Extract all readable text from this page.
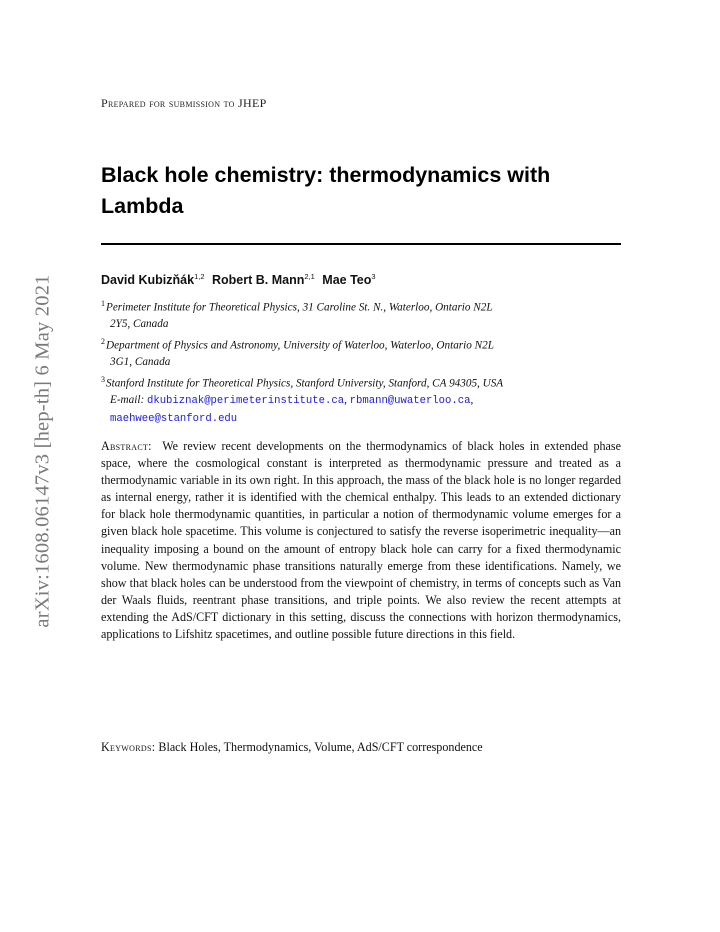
arXiv:1608.06147v3 [hep-th] 6 May 2021
Prepared for submission to JHEP
Black hole chemistry: thermodynamics with Lambda
David Kubizňák$^{1,2}$ Robert B. Mann$^{2,1}$ Mae Teo$^3$

$^1$Perimeter Institute for Theoretical Physics, 31 Caroline St. N., Waterloo, Ontario N2L
2Y5, Canada

$^2$Department of Physics and Astronomy, University of Waterloo, Waterloo, Ontario N2L
3G1, Canada

$^3$Stanford Institute for Theoretical Physics, Stanford University, Stanford, CA 94305, USA

E-mail: dkubiznak@perimeterinstitute.ca, rbmann@uwaterloo.ca,
maehwee@stanford.edu

Abstract: We review recent developments on the thermodynamics of black holes in extended phase space, where the cosmological constant is interpreted as thermodynamic pressure and treated as a thermodynamic variable in its own right. In this approach, the mass of the black hole is no longer regarded as internal energy, rather it is identified with the chemical enthalpy. This leads to an extended dictionary for black hole thermodynamic quantities, in particular a notion of thermodynamic volume emerges for a given black hole spacetime. This volume is conjectured to satisfy the reverse isoperimetric inequality—an inequality imposing a bound on the amount of entropy black hole can carry for a fixed thermodynamic volume. New thermodynamic phase transitions naturally emerge from these identifications. Namely, we show that black holes can be understood from the viewpoint of chemistry, in terms of concepts such as Van der Waals fluids, reentrant phase transitions, and triple points. We also review the recent attempts at extending the AdS/CFT dictionary in this setting, discuss the connections with horizon thermodynamics, applications to Lifshitz spacetimes, and outline possible future directions in this field.

Keywords: Black Holes, Thermodynamics, Volume, AdS/CFT correspondence
